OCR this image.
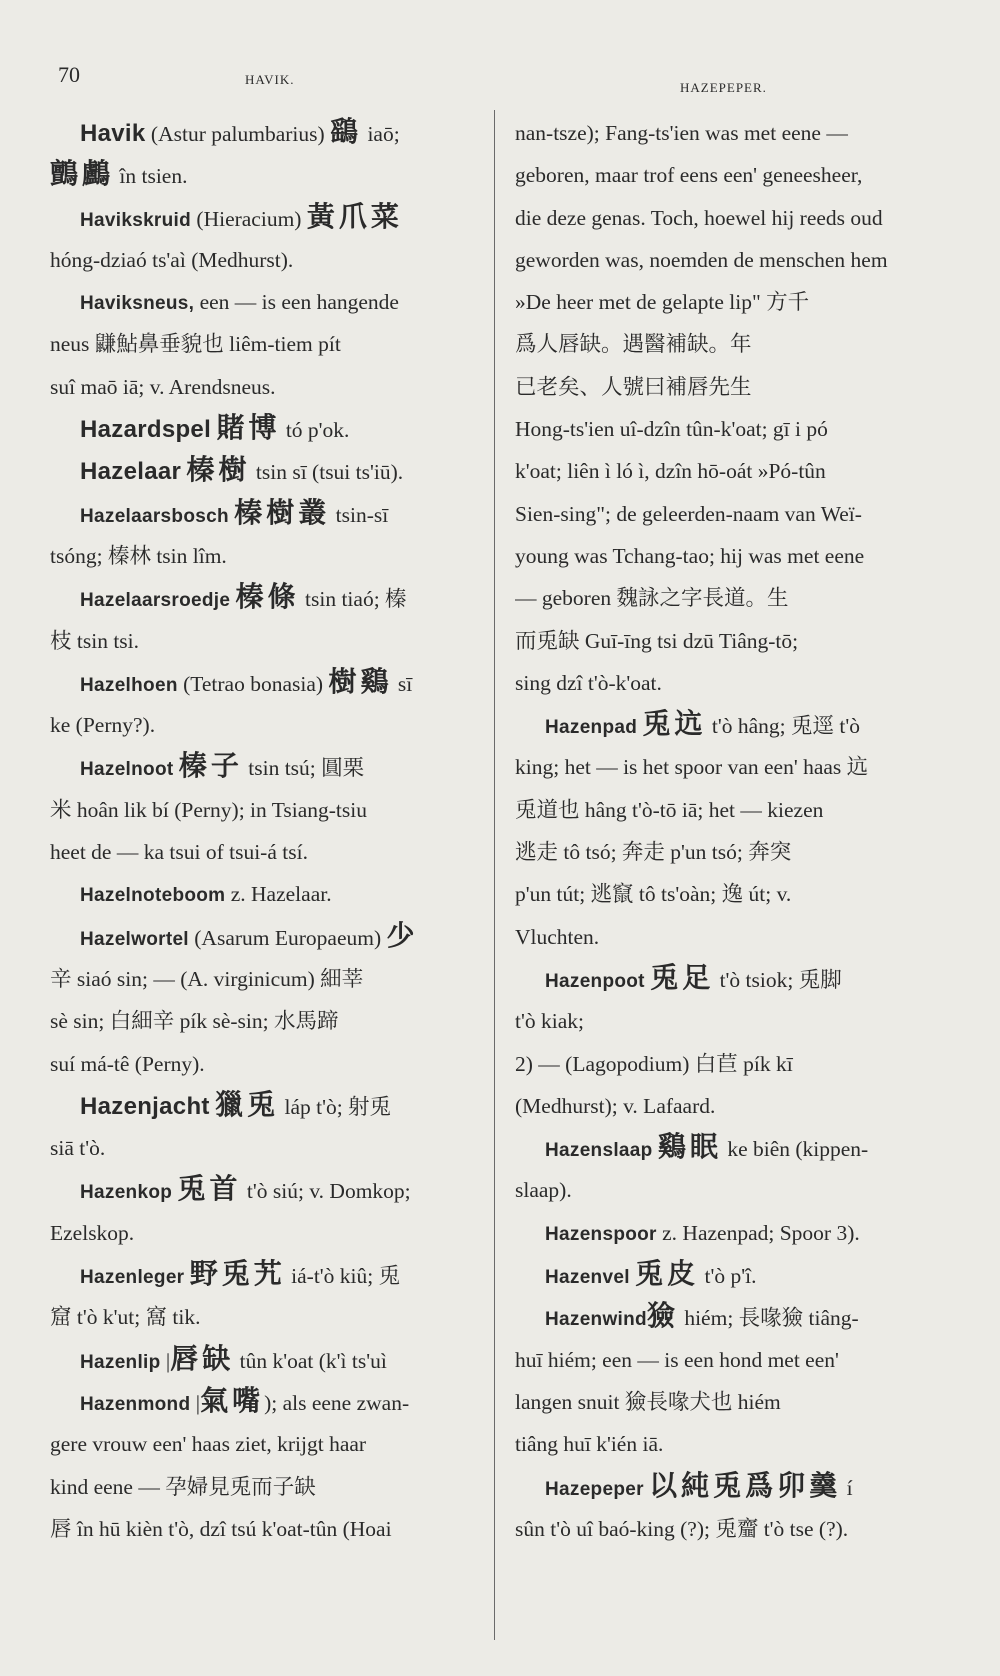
70	HAVIK.
HAZEPEPER.
Havik (Astur palumbarius) 鷂 iaō;
鸇鸕 în tsien.
Havikskruid (Hieracium) 黃爪菜
hóng-dziaó ts'aì (Medhurst).
Haviksneus, een — is een hangende
neus 鼸鮎鼻垂貌也 liêm-tiem pít
suî maō iā; v. Arendsneus.
Hazardspel 賭博 tó p'ok.
Hazelaar 榛樹 tsin sī (tsui ts'iū).
Hazelaarsbosch 榛樹叢 tsin-sī
tsóng; 榛林 tsin lîm.
Hazelaarsroedje 榛條 tsin tiaó; 榛
枝 tsin tsi.
Hazelhoen (Tetrao bonasia) 樹鷄 sī
ke (Perny?).
Hazelnoot 榛子 tsin tsú; 圓栗
米 hoân lik bí (Perny); in Tsiang-tsiu
heet de — ka tsui of tsui-á tsí.
Hazelnoteboom z. Hazelaar.
Hazelwortel (Asarum Europaeum) 少
辛 siaó sin; — (A. virginicum) 細莘
sè sin; 白細辛 pík sè-sin; 水馬蹄
suí má-tê (Perny).
Hazenjacht 獵兎 láp t'ò; 射兎
siā t'ò.
Hazenkop 兎首 t'ò siú; v. Domkop;
Ezelskop.
Hazenleger 野兎艽 iá-t'ò kiû; 兎
窟 t'ò k'ut; 窩 tik.
Hazenlip |唇缺 tûn k'oat (k'ì ts'uì
Hazenmond |氣嘴); als eene zwan-
gere vrouw een' haas ziet, krijgt haar
kind eene — 孕婦見兎而子缺
唇 în hū kièn t'ò, dzî tsú k'oat-tûn (Hoai
nan-tsze); Fang-ts'ien was met eene —
geboren, maar trof eens een' geneesheer,
die deze genas. Toch, hoewel hij reeds oud
geworden was, noemden de menschen hem
»De heer met de gelapte lip" 方千
爲人唇缺。遇醫補缺。年
已老矣、人號曰補唇先生
Hong-ts'ien uî-dzîn tûn-k'oat; gī i pó
k'oat; liên ì ló ì, dzîn hō-oát »Pó-tûn
Sien-sing"; de geleerden-naam van Weï-
young was Tchang-tao; hij was met eene
— geboren 魏詠之字長道。生
而兎缺 Guī-īng tsi dzū Tiâng-tō;
sing dzî t'ò-k'oat.
Hazenpad 兎迒 t'ò hâng; 兎逕 t'ò
king; het — is het spoor van een' haas 迒
兎道也 hâng t'ò-tō iā; het — kiezen
逃走 tô tsó; 奔走 p'un tsó; 奔突
p'un tút; 逃竄 tô ts'oàn; 逸 út; v.
Vluchten.
Hazenpoot 兎足 t'ò tsiok; 兎脚
t'ò kiak;
2) — (Lagopodium) 白苣 pík kī
(Medhurst); v. Lafaard.
Hazenslaap 鷄眠 ke biên (kippen-
slaap).
Hazenspoor z. Hazenpad; Spoor 3).
Hazenvel 兎皮 t'ò p'î.
Hazenwind獫 hiém; 長喙獫 tiâng-
huī hiém; een — is een hond met een'
langen snuit 獫長喙犬也 hiém
tiâng huī k'ién iā.
Hazepeper 以純兎爲卯羹 í
sûn t'ò uî baó-king (?); 兎齏 t'ò tse (?).
